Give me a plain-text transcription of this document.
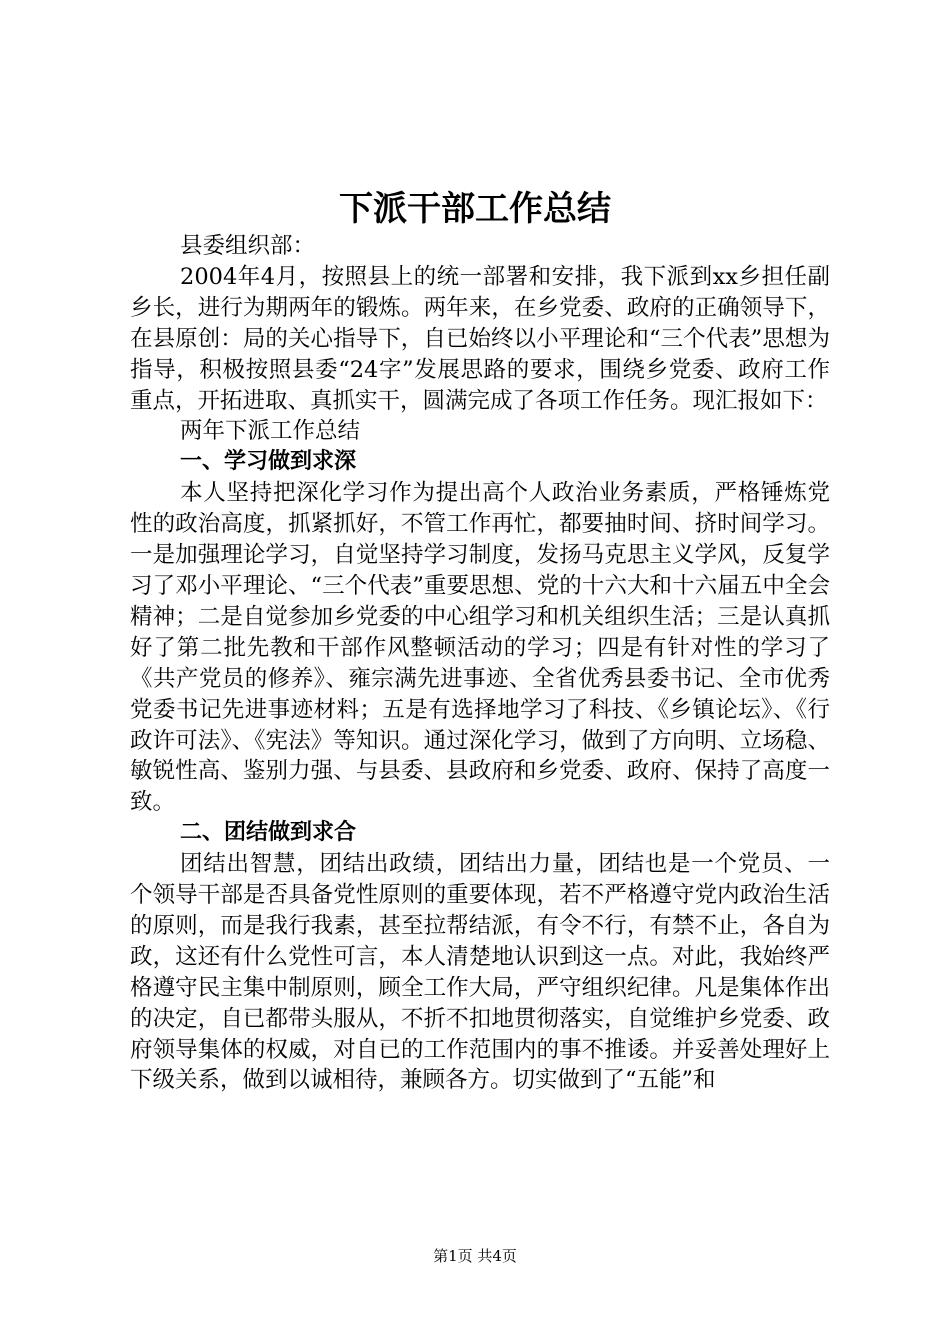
下派干部工作总结

县委组织部：

2004年4月，按照县上的统一部署和安排，我下派到xx乡担任副乡长，进行为期两年的锻炼。两年来，在乡党委、政府的正确领导下，在县原创：局的关心指导下，自已始终以小平理论和“三个代表”思想为指导，积极按照县委“24字”发展思路的要求，围绕乡党委、政府工作重点，开拓进取、真抓实干，圆满完成了各项工作任务。现汇报如下：

两年下派工作总结

一、学习做到求深

本人坚持把深化学习作为提出高个人政治业务素质，严格锤炼党性的政治高度，抓紧抓好，不管工作再忙，都要抽时间、挤时间学习。一是加强理论学习，自觉坚持学习制度，发扬马克思主义学风，反复学习了邓小平理论、“三个代表”重要思想、党的十六大和十六届五中全会精神；二是自觉参加乡党委的中心组学习和机关组织生活；三是认真抓好了第二批先教和干部作风整顿活动的学习；四是有针对性的学习了《共产党员的修养》、雍宗满先进事迹、全省优秀县委书记、全市优秀党委书记先进事迹材料；五是有选择地学习了科技、《乡镇论坛》、《行政许可法》、《宪法》等知识。通过深化学习，做到了方向明、立场稳、敏锐性高、鉴别力强、与县委、县政府和乡党委、政府、保持了高度一致。

二、团结做到求合

团结出智慧，团结出政绩，团结出力量，团结也是一个党员、一个领导干部是否具备党性原则的重要体现，若不严格遵守党内政治生活的原则，而是我行我素，甚至拉帮结派，有令不行，有禁不止，各自为政，这还有什么党性可言，本人清楚地认识到这一点。对此，我始终严格遵守民主集中制原则，顾全工作大局，严守组织纪律。凡是集体作出的决定，自已都带头服从，不折不扣地贯彻落实，自觉维护乡党委、政府领导集体的权威，对自已的工作范围内的事不推诿。并妥善处理好上下级关系，做到以诚相待，兼顾各方。切实做到了“五能”和

第1页 共4页
